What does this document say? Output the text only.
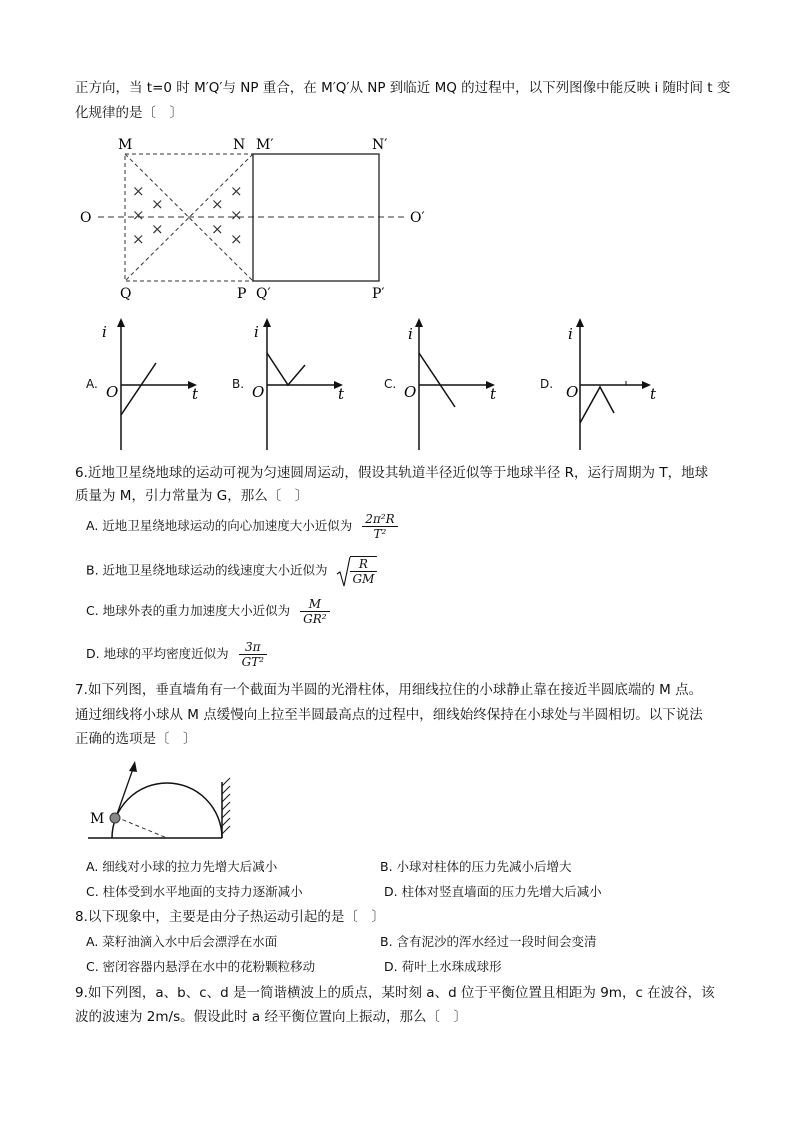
正方向，当 t=0 时 M′Q′与 NP 重合，在 M′Q′从 NP 到临近 MQ 的过程中，以下列图像中能反映 i 随时间 t 变
化规律的是〔　〕
M	N M′	N′
O	O′
Q	P Q′	P′
×
×
×
×
×
×
×
×
×
×
A.
i
t
O	B.
i
t
O	C.
i
t
O	D.
i
t
O
6.近地卫星绕地球的运动可视为匀速圆周运动，假设其轨道半径近似等于地球半径 R，运行周期为 T，地球
质量为 M，引力常量为 G，那么〔　〕
A. 近地卫星绕地球运动的向心加速度大小近似为 $\frac{\text{2π²R}}{\text{T²}}$
B. 近地卫星绕地球运动的线速度大小近似为 $\frac{R}{GM}$
C. 地球外表的重力加速度大小近似为 $\frac{M}{\text{GR²}}$
D. 地球的平均密度近似为 $\frac{3\pi}{\text{GT²}}$
7.如下列图，垂直墙角有一个截面为半圆的光滑柱体，用细线拉住的小球静止靠在接近半圆底端的 M 点。
通过细线将小球从 M 点缓慢向上拉至半圆最高点的过程中，细线始终保持在小球处与半圆相切。以下说法
正确的选项是〔　〕
M
A. 细线对小球的拉力先增大后减小	B. 小球对柱体的压力先减小后增大
C. 柱体受到水平地面的支持力逐渐减小	D. 柱体对竖直墙面的压力先增大后减小
8.以下现象中，主要是由分子热运动引起的是〔　〕
A. 菜籽油滴入水中后会漂浮在水面	B. 含有泥沙的浑水经过一段时间会变清
C. 密闭容器内悬浮在水中的花粉颗粒移动	D. 荷叶上水珠成球形
9.如下列图，a、b、c、d 是一简谐横波上的质点，某时刻 a、d 位于平衡位置且相距为 9m，c 在波谷，该
波的波速为 2m/s。假设此时 a 经平衡位置向上振动，那么〔　〕
